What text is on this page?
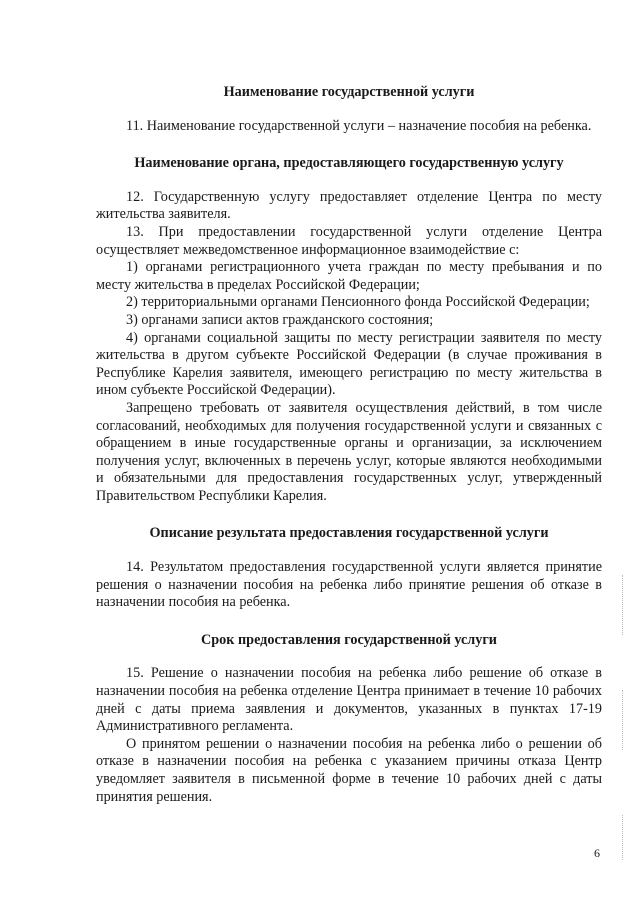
Наименование государственной услуги

11. Наименование государственной услуги – назначение пособия на ребенка.

Наименование органа, предоставляющего государственную услугу

12. Государственную услугу предоставляет отделение Центра по месту жительства заявителя.

13. При предоставлении государственной услуги отделение Центра осуществляет межведомственное информационное взаимодействие с:

1) органами регистрационного учета граждан по месту пребывания и по месту жительства в пределах Российской Федерации;

2) территориальными органами Пенсионного фонда Российской Федерации;

3) органами записи актов гражданского состояния;

4) органами социальной защиты по месту регистрации заявителя по месту жительства в другом субъекте Российской Федерации (в случае проживания в Республике Карелия заявителя, имеющего регистрацию по месту жительства в ином субъекте Российской Федерации).

Запрещено требовать от заявителя осуществления действий, в том числе согласований, необходимых для получения государственной услуги и связанных с обращением в иные государственные органы и организации, за исключением получения услуг, включенных в перечень услуг, которые являются необходимыми и обязательными для предоставления государственных услуг, утвержденный Правительством Республики Карелия.

Описание результата предоставления государственной услуги

14. Результатом предоставления государственной услуги является принятие решения о назначении пособия на ребенка либо принятие решения об отказе в назначении пособия на ребенка.

Срок предоставления государственной услуги

15. Решение о назначении пособия на ребенка либо решение об отказе в назначении пособия на ребенка отделение Центра принимает в течение 10 рабочих дней с даты приема заявления и документов, указанных в пунктах 17-19 Административного регламента.

О принятом решении о назначении пособия на ребенка либо о решении об отказе в назначении пособия на ребенка с указанием причины отказа Центр уведомляет заявителя в письменной форме в течение 10 рабочих дней с даты принятия решения.

6
